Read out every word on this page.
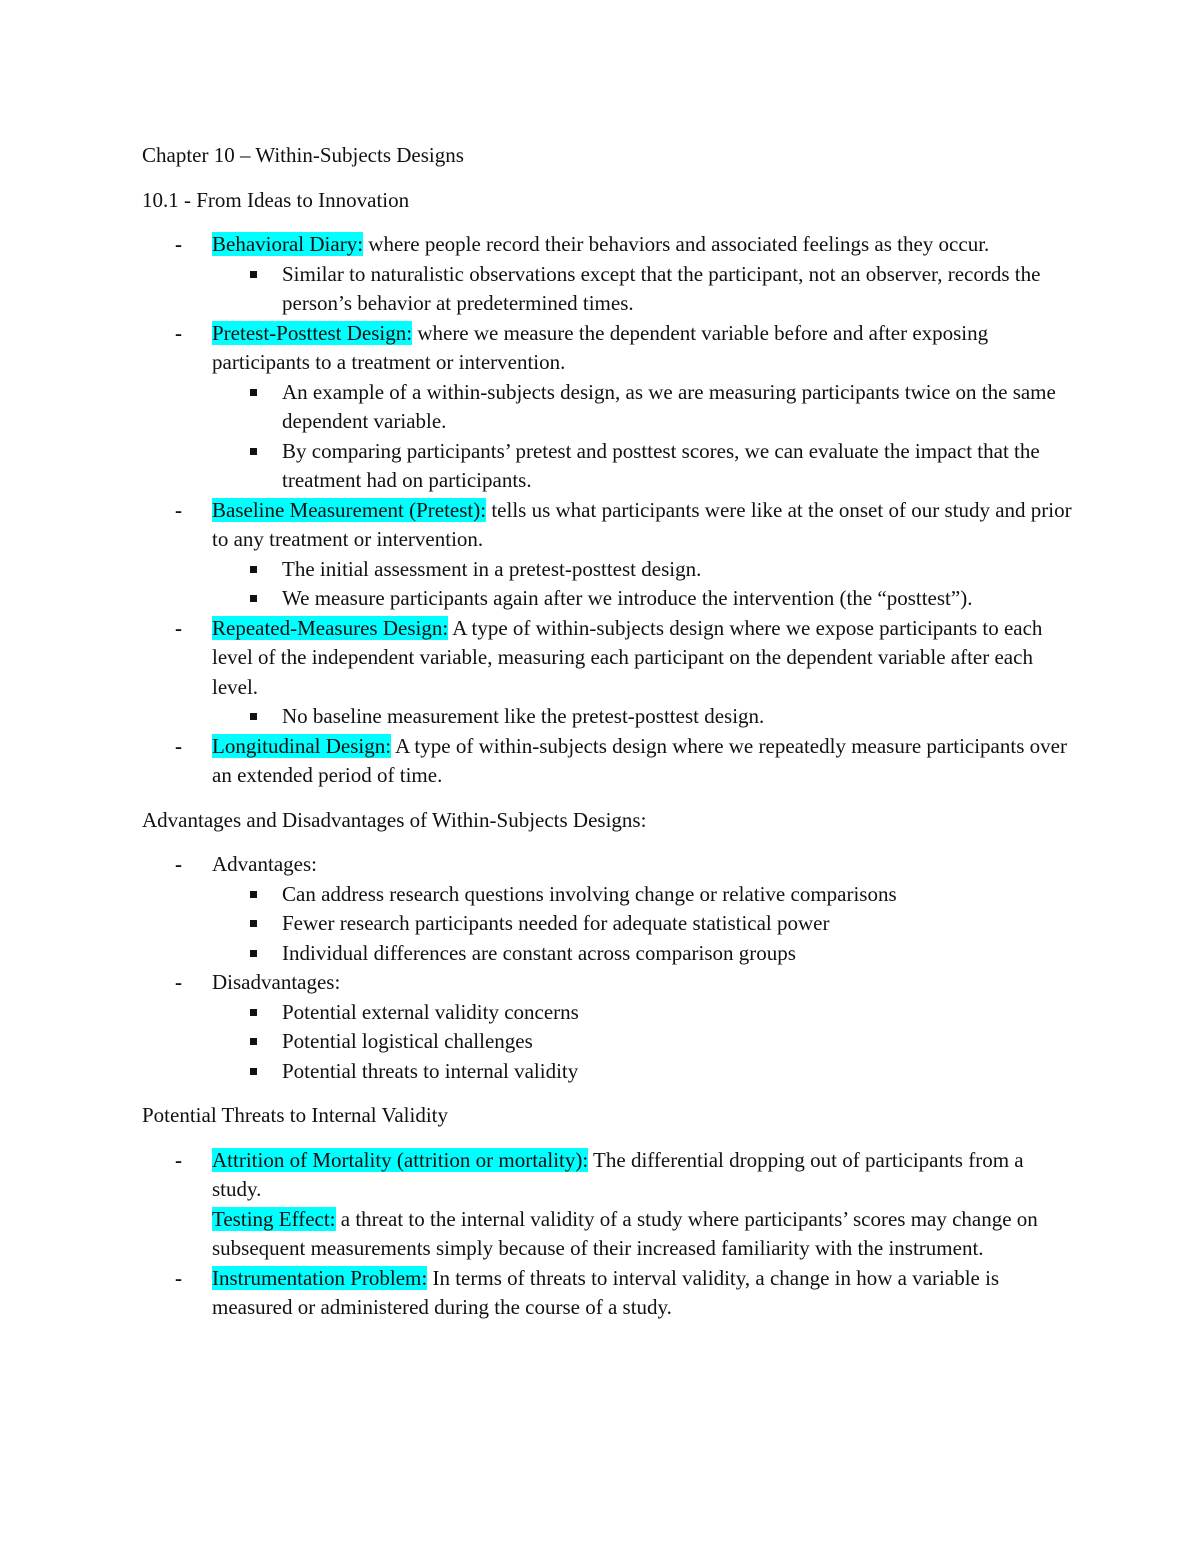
Chapter 10 – Within-Subjects Designs

10.1 - From Ideas to Innovation

- Behavioral Diary: where people record their behaviors and associated feelings as they occur.
Similar to naturalistic observations except that the participant, not an observer, records the person’s behavior at predetermined times.
- Pretest-Posttest Design: where we measure the dependent variable before and after exposing participants to a treatment or intervention.
An example of a within-subjects design, as we are measuring participants twice on the same dependent variable.
By comparing participants’ pretest and posttest scores, we can evaluate the impact that the treatment had on participants.
- Baseline Measurement (Pretest): tells us what participants were like at the onset of our study and prior to any treatment or intervention.
The initial assessment in a pretest-posttest design.
We measure participants again after we introduce the intervention (the “posttest”).
- Repeated-Measures Design: A type of within-subjects design where we expose participants to each level of the independent variable, measuring each participant on the dependent variable after each level.
No baseline measurement like the pretest-posttest design.
- Longitudinal Design: A type of within-subjects design where we repeatedly measure participants over an extended period of time.

Advantages and Disadvantages of Within-Subjects Designs:

- Advantages:
Can address research questions involving change or relative comparisons
Fewer research participants needed for adequate statistical power
Individual differences are constant across comparison groups
- Disadvantages:
Potential external validity concerns
Potential logistical challenges
Potential threats to internal validity

Potential Threats to Internal Validity

- Attrition of Mortality (attrition or mortality): The differential dropping out of participants from a study.
Testing Effect: a threat to the internal validity of a study where participants’ scores may change on subsequent measurements simply because of their increased familiarity with the instrument.
- Instrumentation Problem: In terms of threats to interval validity, a change in how a variable is measured or administered during the course of a study.
